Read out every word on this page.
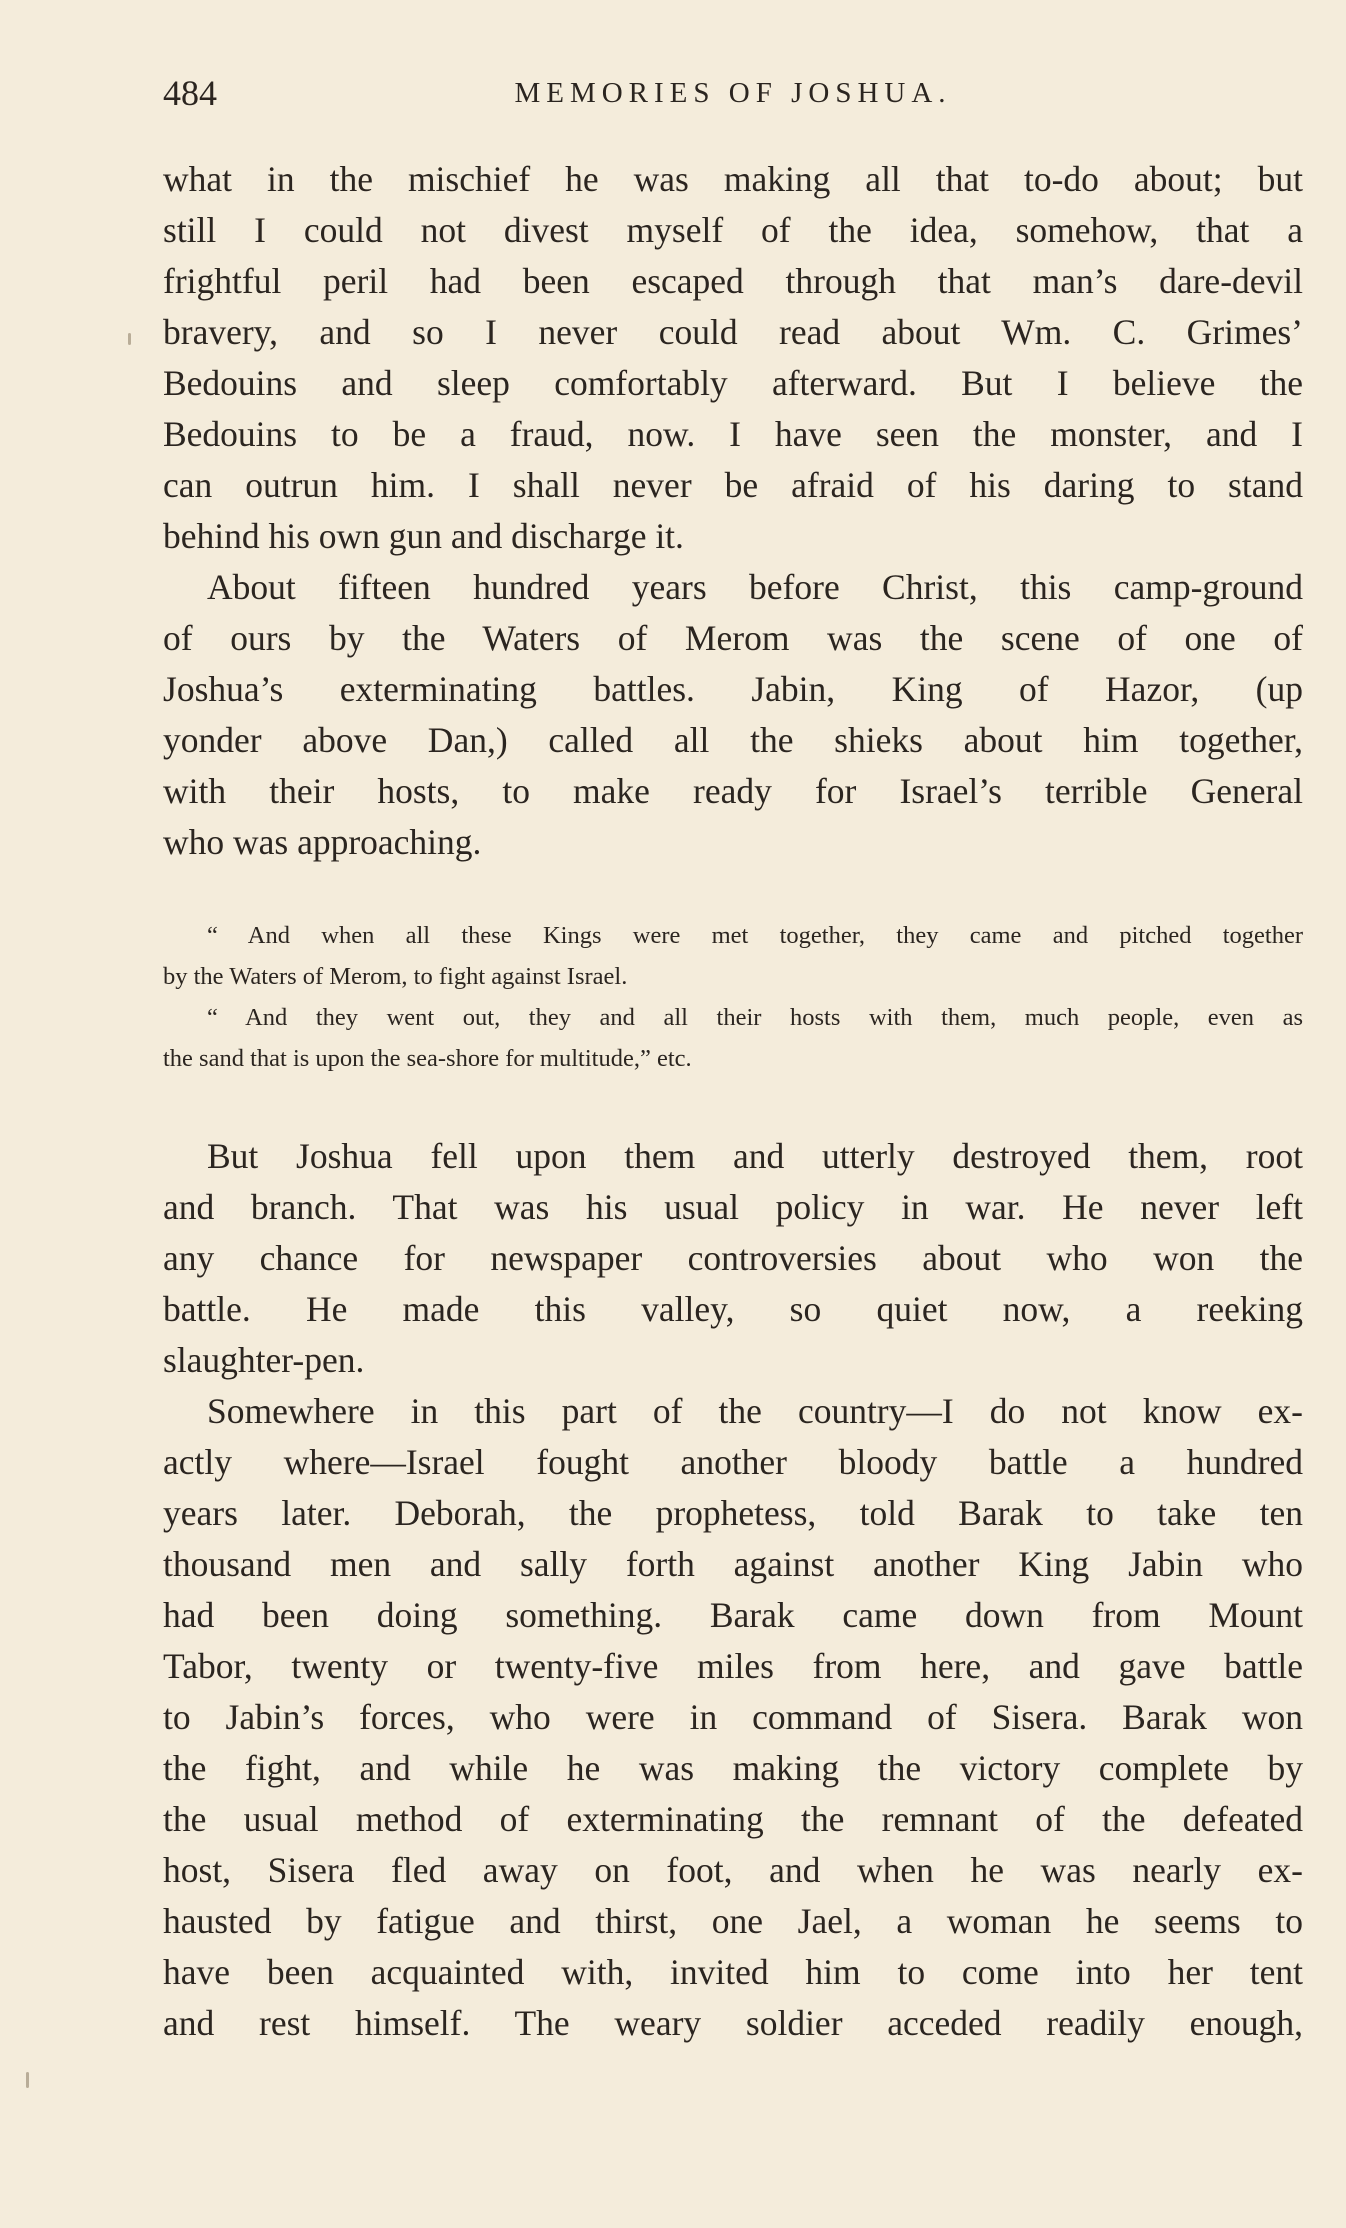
484	MEMORIES OF JOSHUA.
what in the mischief he was making all that to-do about; but
still I could not divest myself of the idea, somehow, that a
frightful peril had been escaped through that man’s dare-devil
bravery, and so I never could read about Wm. C. Grimes’
Bedouins and sleep comfortably afterward. But I believe the
Bedouins to be a fraud, now. I have seen the monster, and I
can outrun him. I shall never be afraid of his daring to stand
behind his own gun and discharge it.
About fifteen hundred years before Christ, this camp-ground
of ours by the Waters of Merom was the scene of one of
Joshua’s exterminating battles. Jabin, King of Hazor, (up
yonder above Dan,) called all the shieks about him together,
with their hosts, to make ready for Israel’s terrible General
who was approaching.
“ And when all these Kings were met together, they came and pitched together
by the Waters of Merom, to fight against Israel.
“ And they went out, they and all their hosts with them, much people, even as
the sand that is upon the sea-shore for multitude,” etc.
But Joshua fell upon them and utterly destroyed them, root
and branch. That was his usual policy in war. He never left
any chance for newspaper controversies about who won the
battle. He made this valley, so quiet now, a reeking
slaughter-pen.
Somewhere in this part of the country—I do not know ex-
actly where—Israel fought another bloody battle a hundred
years later. Deborah, the prophetess, told Barak to take ten
thousand men and sally forth against another King Jabin who
had been doing something. Barak came down from Mount
Tabor, twenty or twenty-five miles from here, and gave battle
to Jabin’s forces, who were in command of Sisera. Barak won
the fight, and while he was making the victory complete by
the usual method of exterminating the remnant of the defeated
host, Sisera fled away on foot, and when he was nearly ex-
hausted by fatigue and thirst, one Jael, a woman he seems to
have been acquainted with, invited him to come into her tent
and rest himself. The weary soldier acceded readily enough,
